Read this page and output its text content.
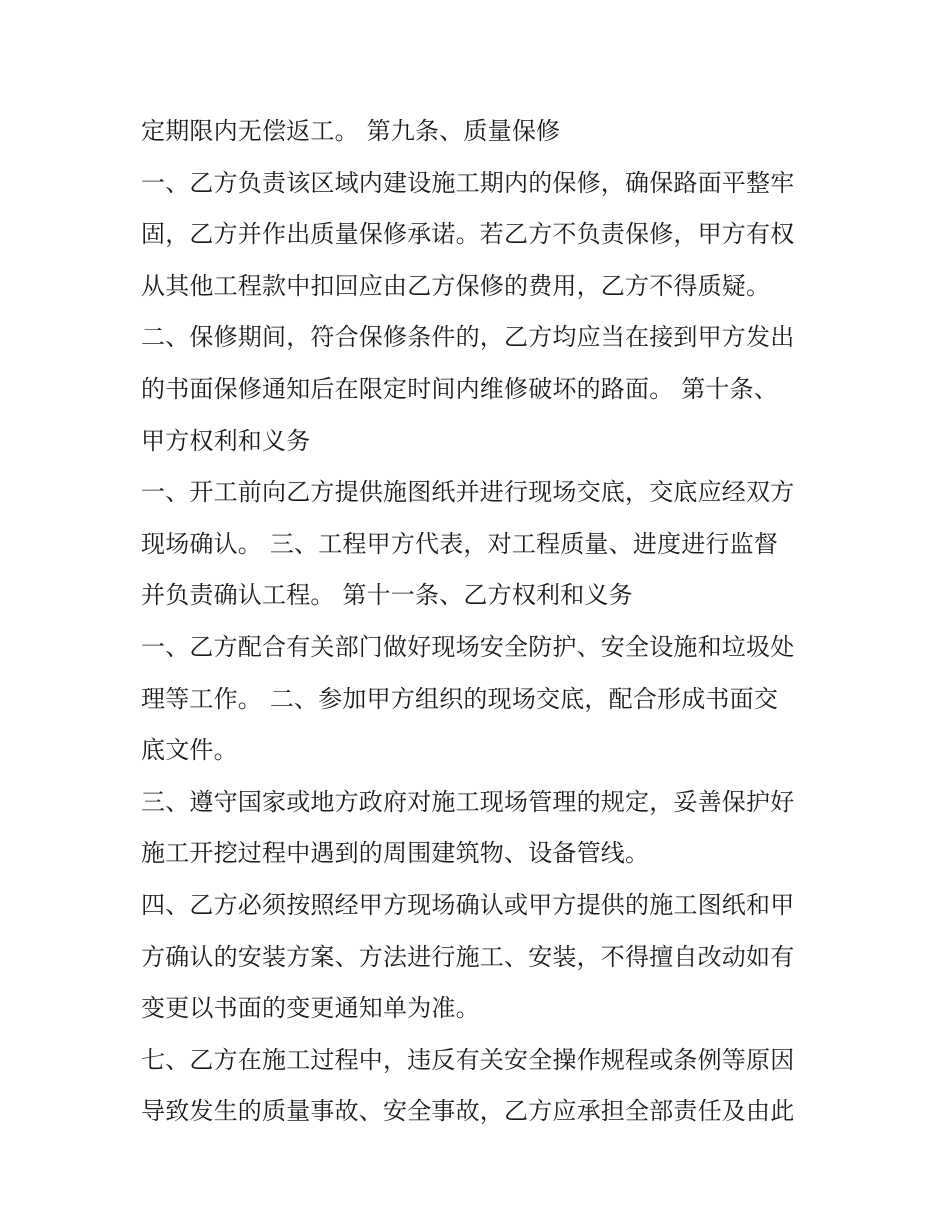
定期限内无偿返工。 第九条、质量保修
一、乙方负责该区域内建设施工期内的保修，确保路面平整牢
固，乙方并作出质量保修承诺。若乙方不负责保修，甲方有权
从其他工程款中扣回应由乙方保修的费用，乙方不得质疑。
二、保修期间，符合保修条件的，乙方均应当在接到甲方发出
的书面保修通知后在限定时间内维修破坏的路面。 第十条、
甲方权利和义务
一、开工前向乙方提供施图纸并进行现场交底，交底应经双方
现场确认。 三、工程甲方代表，对工程质量、进度进行监督
并负责确认工程。 第十一条、乙方权利和义务
一、乙方配合有关部门做好现场安全防护、安全设施和垃圾处
理等工作。 二、参加甲方组织的现场交底，配合形成书面交
底文件。
三、遵守国家或地方政府对施工现场管理的规定，妥善保护好
施工开挖过程中遇到的周围建筑物、设备管线。
四、乙方必须按照经甲方现场确认或甲方提供的施工图纸和甲
方确认的安装方案、方法进行施工、安装，不得擅自改动如有
变更以书面的变更通知单为准。
七、乙方在施工过程中，违反有关安全操作规程或条例等原因
导致发生的质量事故、安全事故，乙方应承担全部责任及由此
